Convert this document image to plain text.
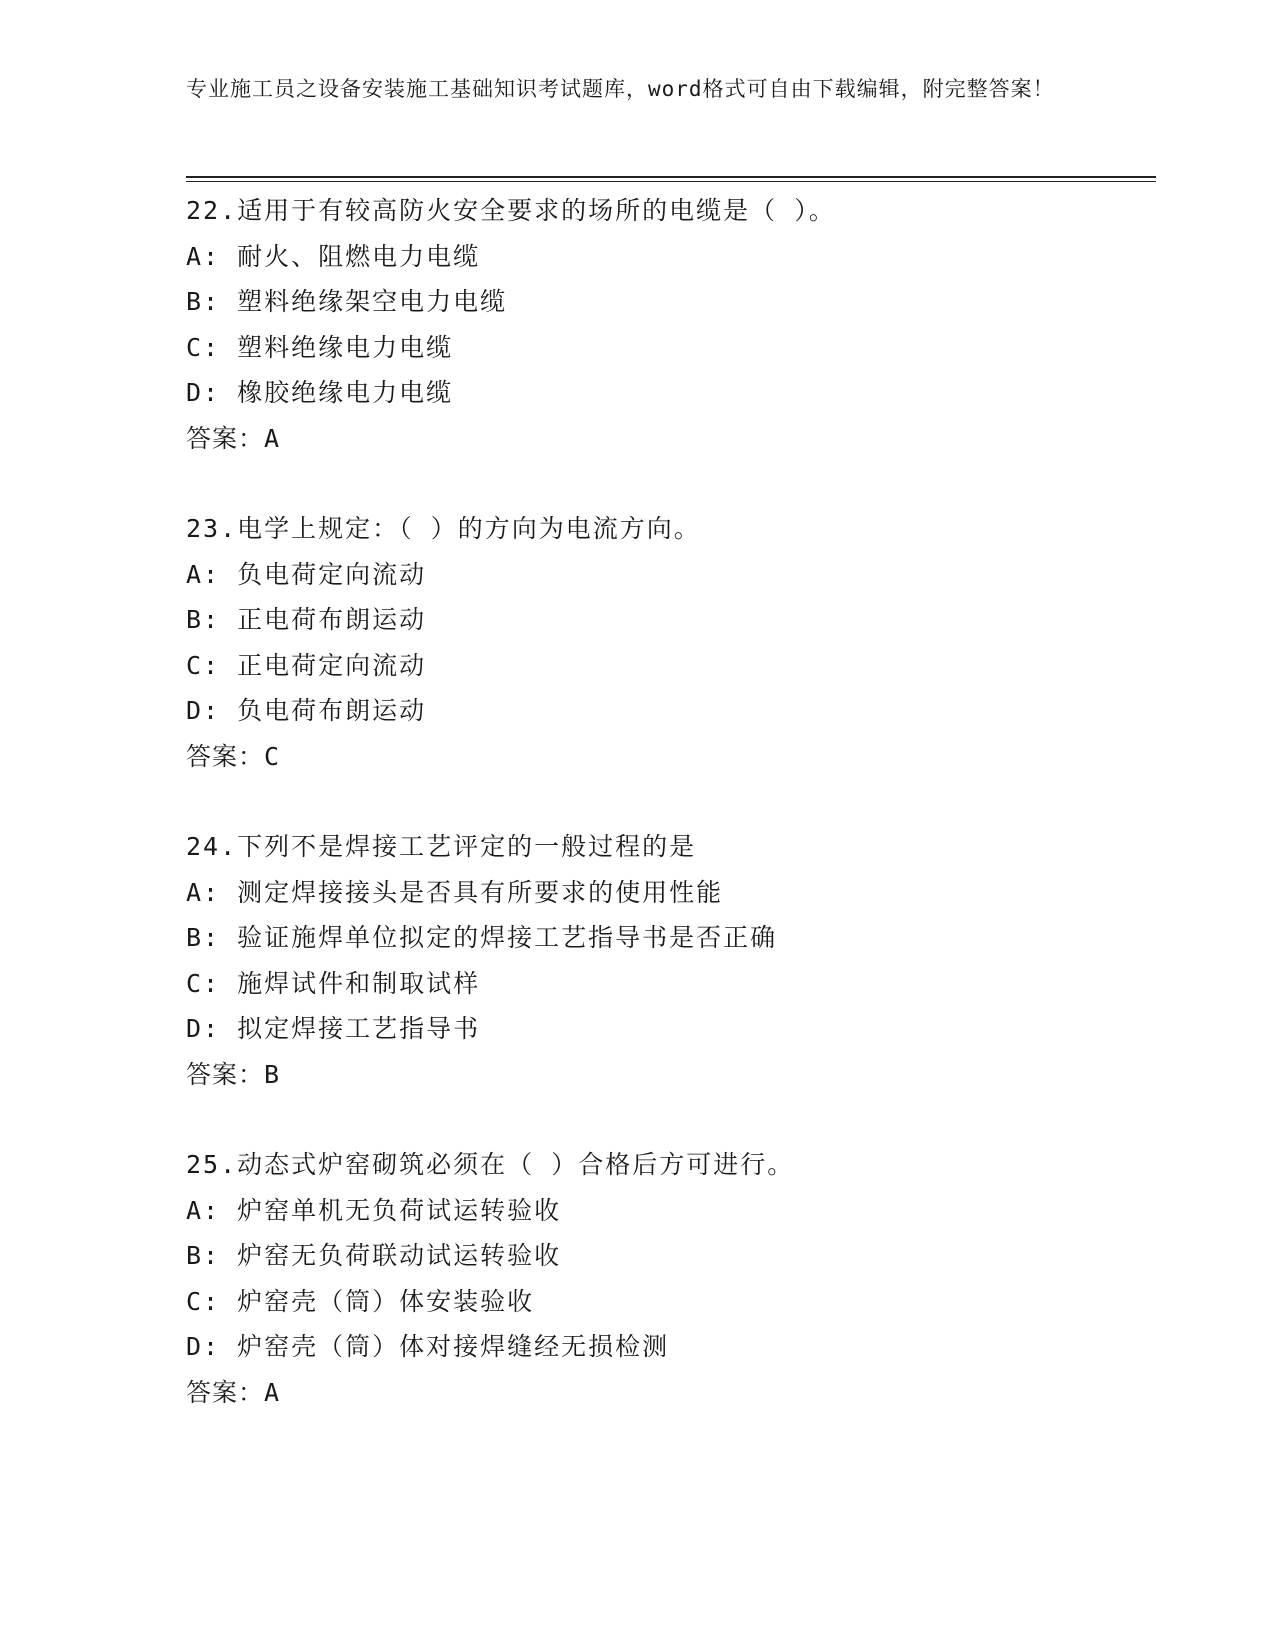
专业施工员之设备安装施工基础知识考试题库，word格式可自由下载编辑，附完整答案！
22.适用于有较高防火安全要求的场所的电缆是（ ）。
A: 耐火、阻燃电力电缆
B: 塑料绝缘架空电力电缆
C: 塑料绝缘电力电缆
D: 橡胶绝缘电力电缆
答案：A
23.电学上规定：（ ）的方向为电流方向。
A: 负电荷定向流动
B: 正电荷布朗运动
C: 正电荷定向流动
D: 负电荷布朗运动
答案：C
24.下列不是焊接工艺评定的一般过程的是
A: 测定焊接接头是否具有所要求的使用性能
B: 验证施焊单位拟定的焊接工艺指导书是否正确
C: 施焊试件和制取试样
D: 拟定焊接工艺指导书
答案：B
25.动态式炉窑砌筑必须在（ ）合格后方可进行。
A: 炉窑单机无负荷试运转验收
B: 炉窑无负荷联动试运转验收
C: 炉窑壳（筒）体安装验收
D: 炉窑壳（筒）体对接焊缝经无损检测
答案：A
